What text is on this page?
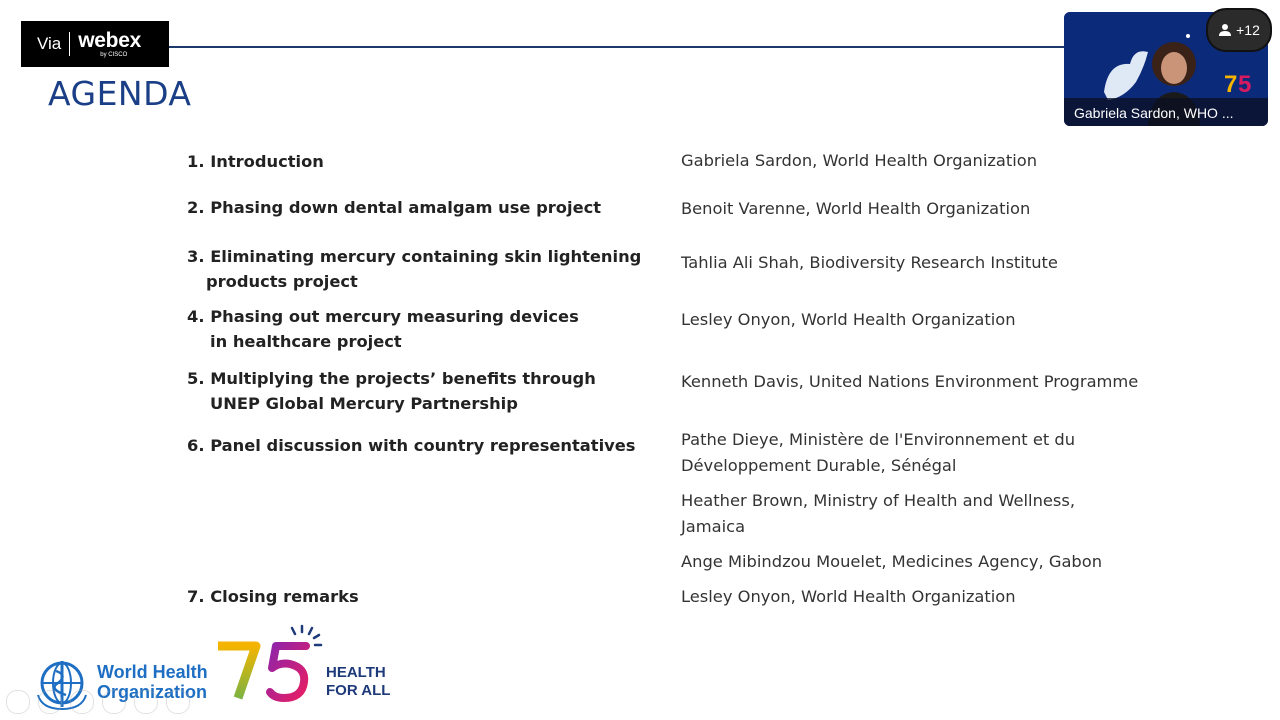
Via webex
by CISCO
AGENDA
1. Introduction
2. Phasing down dental amalgam use project
3. Eliminating mercury containing skin lightening
products project
4. Phasing out mercury measuring devices
in healthcare project
5. Multiplying the projects’ benefits through
UNEP Global Mercury Partnership
6. Panel discussion with country representatives
7. Closing remarks
Gabriela Sardon, World Health Organization
Benoit Varenne, World Health Organization
Tahlia Ali Shah, Biodiversity Research Institute
Lesley Onyon, World Health Organization
Kenneth Davis, United Nations Environment Programme
Pathe Dieye, Ministère de l'Environnement et du
Développement Durable, Sénégal
Heather Brown, Ministry of Health and Wellness,
Jamaica
Ange Mibindzou Mouelet, Medicines Agency, Gabon
Lesley Onyon, World Health Organization
World Health
Organization
HEALTH
FOR ALL
7 5
Gabriela Sardon, WHO ...
+12
